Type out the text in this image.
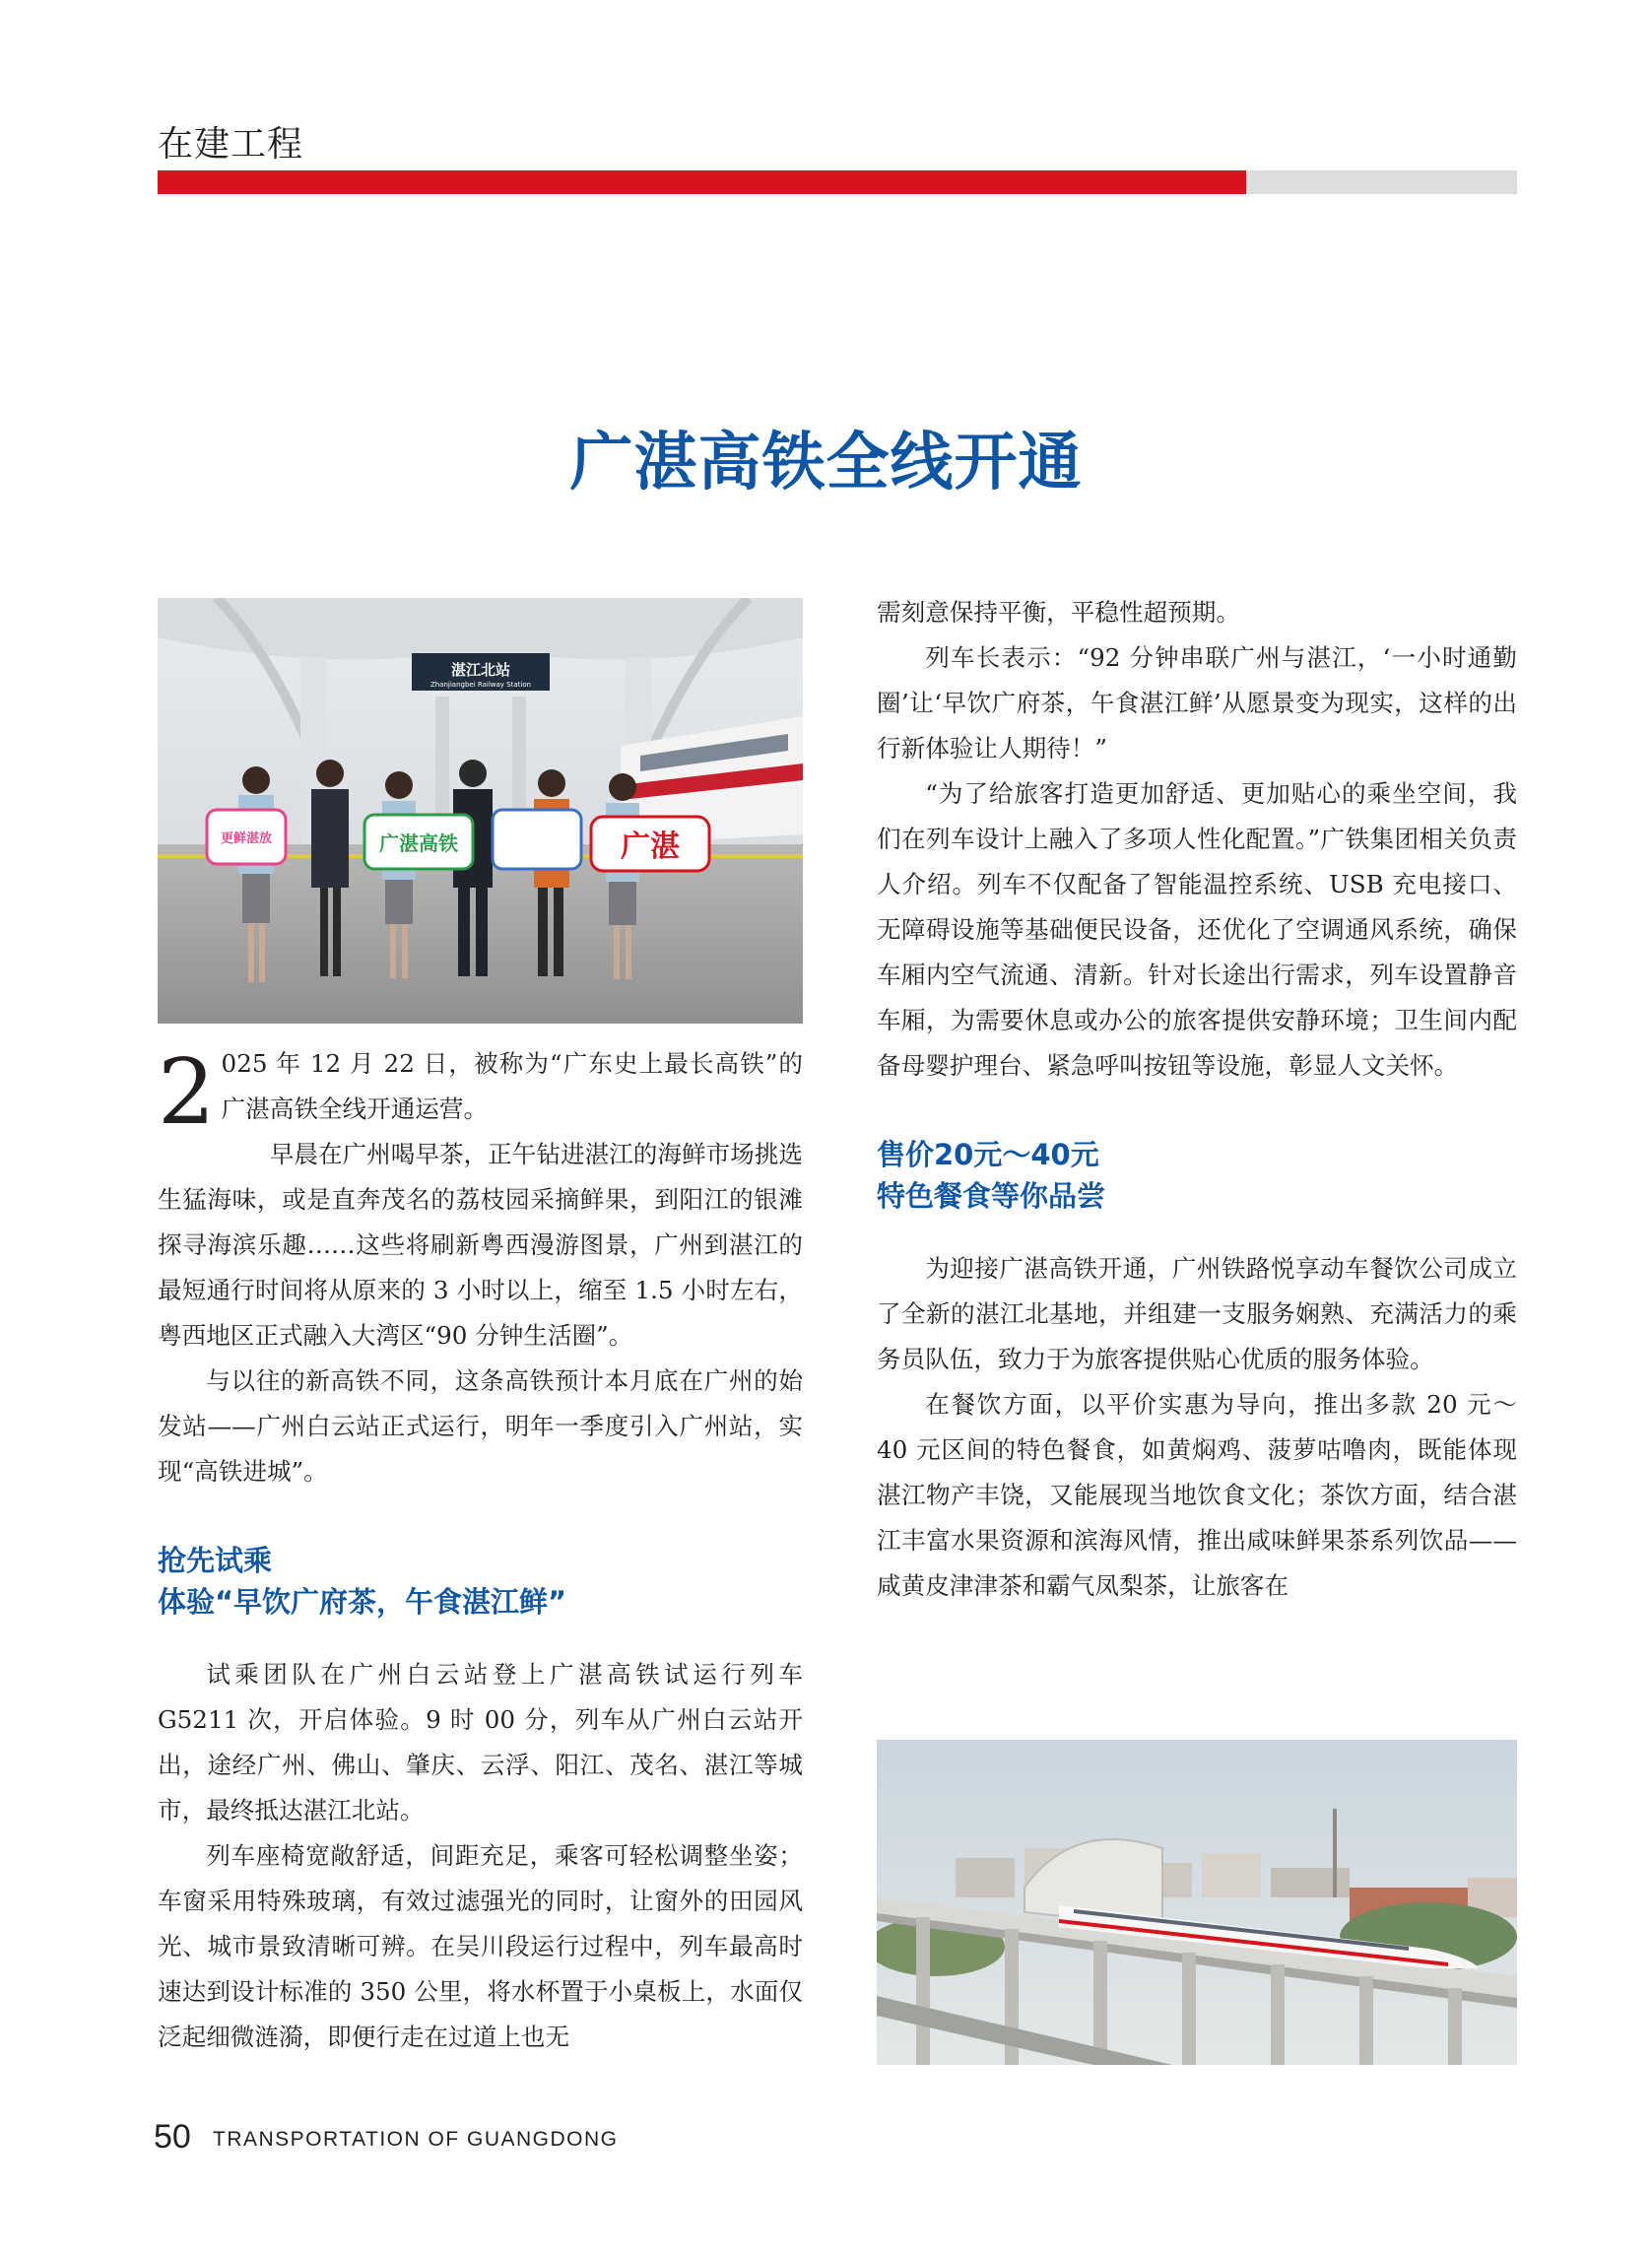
在建工程
广湛高铁全线开通
湛江北站
Zhanjiangbei Railway Station
更鲜湛放	广湛高铁	广湛

2 025 年 12 月 22 日，被称为“广东史上最长高铁”的广湛高铁全线开通运营。

早晨在广州喝早茶，正午钻进湛江的海鲜市场挑选生猛海味，或是直奔茂名的荔枝园采摘鲜果，到阳江的银滩探寻海滨乐趣……这些将刷新粤西漫游图景，广州到湛江的最短通行时间将从原来的 3 小时以上，缩至 1.5 小时左右，粤西地区正式融入大湾区“90 分钟生活圈”。

与以往的新高铁不同，这条高铁预计本月底在广州的始发站——广州白云站正式运行，明年一季度引入广州站，实现“高铁进城”。

抢先试乘
体验“早饮广府茶，午食湛江鲜”

试乘团队在广州白云站登上广湛高铁试运行列车 G5211 次，开启体验。9 时 00 分，列车从广州白云站开出，途经广州、佛山、肇庆、云浮、阳江、茂名、湛江等城市，最终抵达湛江北站。

列车座椅宽敞舒适，间距充足，乘客可轻松调整坐姿；车窗采用特殊玻璃，有效过滤强光的同时，让窗外的田园风光、城市景致清晰可辨。在吴川段运行过程中，列车最高时速达到设计标准的 350 公里，将水杯置于小桌板上，水面仅泛起细微涟漪，即便行走在过道上也无

需刻意保持平衡，平稳性超预期。

列车长表示：“92 分钟串联广州与湛江，‘一小时通勤圈’让‘早饮广府茶，午食湛江鲜’从愿景变为现实，这样的出行新体验让人期待！”

“为了给旅客打造更加舒适、更加贴心的乘坐空间，我们在列车设计上融入了多项人性化配置。”广铁集团相关负责人介绍。列车不仅配备了智能温控系统、USB 充电接口、无障碍设施等基础便民设备，还优化了空调通风系统，确保车厢内空气流通、清新。针对长途出行需求，列车设置静音车厢，为需要休息或办公的旅客提供安静环境；卫生间内配备母婴护理台、紧急呼叫按钮等设施，彰显人文关怀。

售价20元～40元
特色餐食等你品尝

为迎接广湛高铁开通，广州铁路悦享动车餐饮公司成立了全新的湛江北基地，并组建一支服务娴熟、充满活力的乘务员队伍，致力于为旅客提供贴心优质的服务体验。

在餐饮方面，以平价实惠为导向，推出多款 20 元～ 40 元区间的特色餐食，如黄焖鸡、菠萝咕噜肉，既能体现湛江物产丰饶，又能展现当地饮食文化；茶饮方面，结合湛江丰富水果资源和滨海风情，推出咸味鲜果茶系列饮品——咸黄皮津津茶和霸气凤梨茶，让旅客在

50 TRANSPORTATION OF GUANGDONG
